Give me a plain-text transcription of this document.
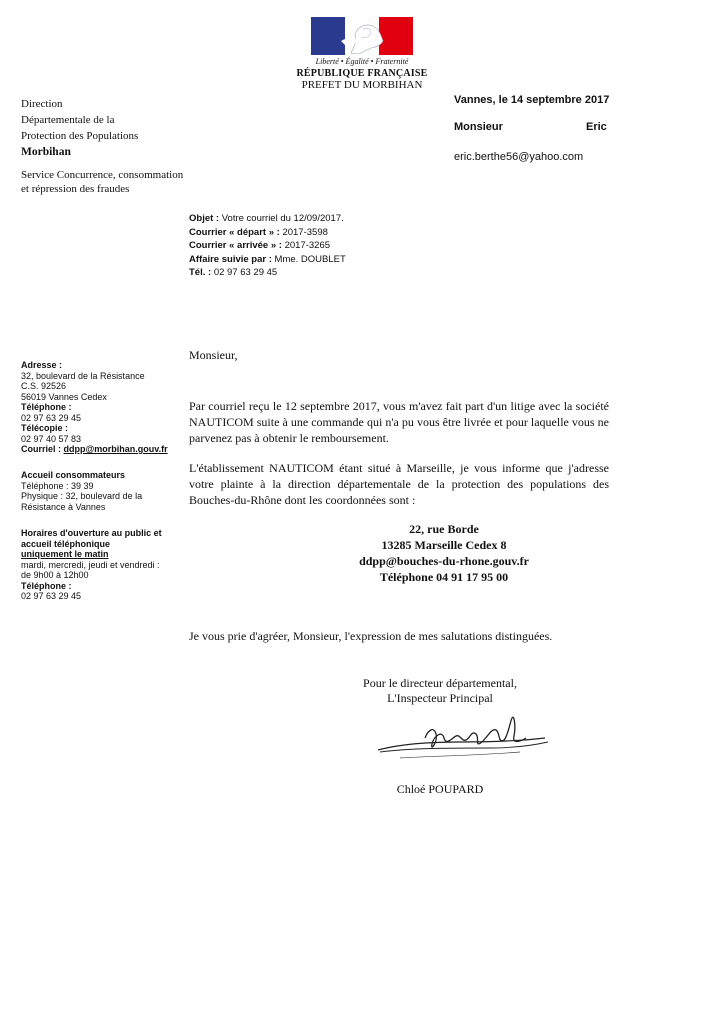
Liberté • Égalité • Fraternité
RÉPUBLIQUE FRANÇAISE
PREFET DU MORBIHAN
Direction
Départementale de la
Protection des Populations
Morbihan
Service Concurrence, consommation
et répression des fraudes
Vannes, le 14 septembre 2017
Monsieur	Eric
eric.berthe56@yahoo.com
Objet : Votre courriel du 12/09/2017.
Courrier « départ » : 2017-3598
Courrier « arrivée » : 2017-3265
Affaire suivie par : Mme. DOUBLET
Tél. : 02 97 63 29 45
Adresse :
32, boulevard de la Résistance
C.S. 92526
56019 Vannes Cedex
Téléphone :
02 97 63 29 45
Télécopie :
02 97 40 57 83
Courriel : ddpp@morbihan.gouv.fr
Accueil consommateurs
Téléphone : 39 39
Physique : 32, boulevard de la
Résistance à Vannes
Horaires d'ouverture au public et
accueil téléphonique
uniquement le matin
mardi, mercredi, jeudi et vendredi :
de 9h00 à 12h00
Téléphone :
02 97 63 29 45
Monsieur,
Par courriel reçu le 12 septembre 2017, vous m'avez fait part d'un litige avec la société NAUTICOM suite à une commande qui n'a pu vous être livrée et pour laquelle vous ne parvenez pas à obtenir le remboursement.
L'établissement NAUTICOM étant situé à Marseille, je vous informe que j'adresse votre plainte à la direction départementale de la protection des populations des Bouches-du-Rhône dont les coordonnées sont :
22, rue Borde
13285 Marseille Cedex 8
ddpp@bouches-du-rhone.gouv.fr
Téléphone 04 91 17 95 00
Je vous prie d'agréer, Monsieur, l'expression de mes salutations distinguées.
Pour le directeur départemental,
L'Inspecteur Principal
Chloé POUPARD
